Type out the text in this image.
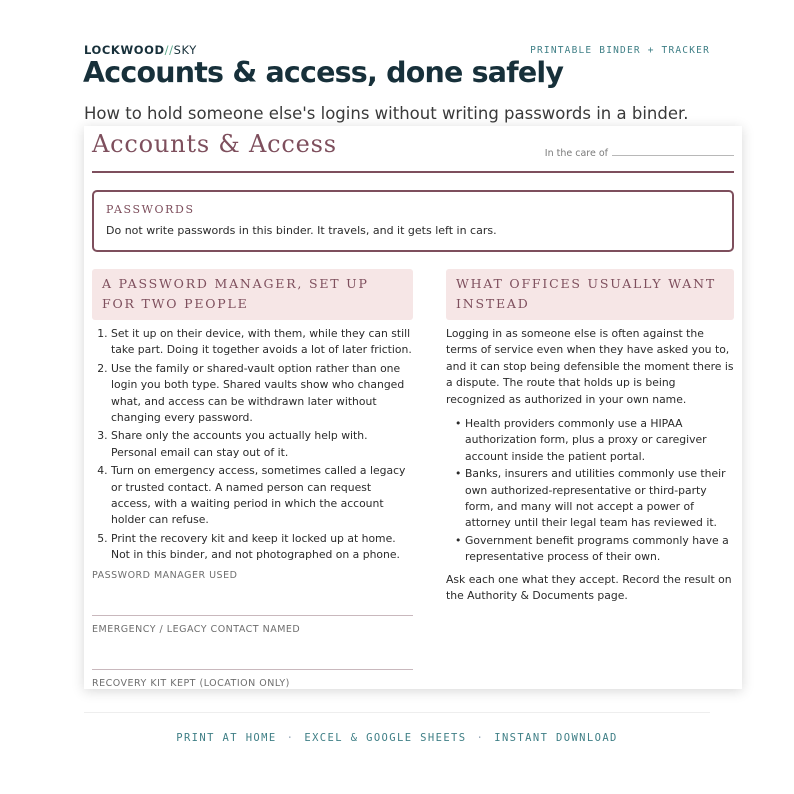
LOCKWOOD//SKY	PRINTABLE BINDER + TRACKER
Accounts & access, done safely

How to hold someone else's logins without writing passwords in a binder.

Accounts & Access	In the care of
PASSWORDS
Do not write passwords in this binder. It travels, and it gets left in cars.
A PASSWORD MANAGER, SET UP FOR TWO PEOPLE
1. Set it up on their device, with them, while they can still take part. Doing it together avoids a lot of later friction.
2. Use the family or shared-vault option rather than one login you both type. Shared vaults show who changed what, and access can be withdrawn later without changing every password.
3. Share only the accounts you actually help with. Personal email can stay out of it.
4. Turn on emergency access, sometimes called a legacy or trusted contact. A named person can request access, with a waiting period in which the account holder can refuse.
5. Print the recovery kit and keep it locked up at home. Not in this binder, and not photographed on a phone.
PASSWORD MANAGER USED
EMERGENCY / LEGACY CONTACT NAMED
RECOVERY KIT KEPT (LOCATION ONLY)
WHAT OFFICES USUALLY WANT INSTEAD

Logging in as someone else is often against the terms of service even when they have asked you to, and it can stop being defensible the moment there is a dispute. The route that holds up is being recognized as authorized in your own name.

• Health providers commonly use a HIPAA authorization form, plus a proxy or caregiver account inside the patient portal.
• Banks, insurers and utilities commonly use their own authorized-representative or third-party form, and many will not accept a power of attorney until their legal team has reviewed it.
• Government benefit programs commonly have a representative process of their own.

Ask each one what they accept. Record the result on the Authority & Documents page.

PRINT AT HOME · EXCEL & GOOGLE SHEETS · INSTANT DOWNLOAD
